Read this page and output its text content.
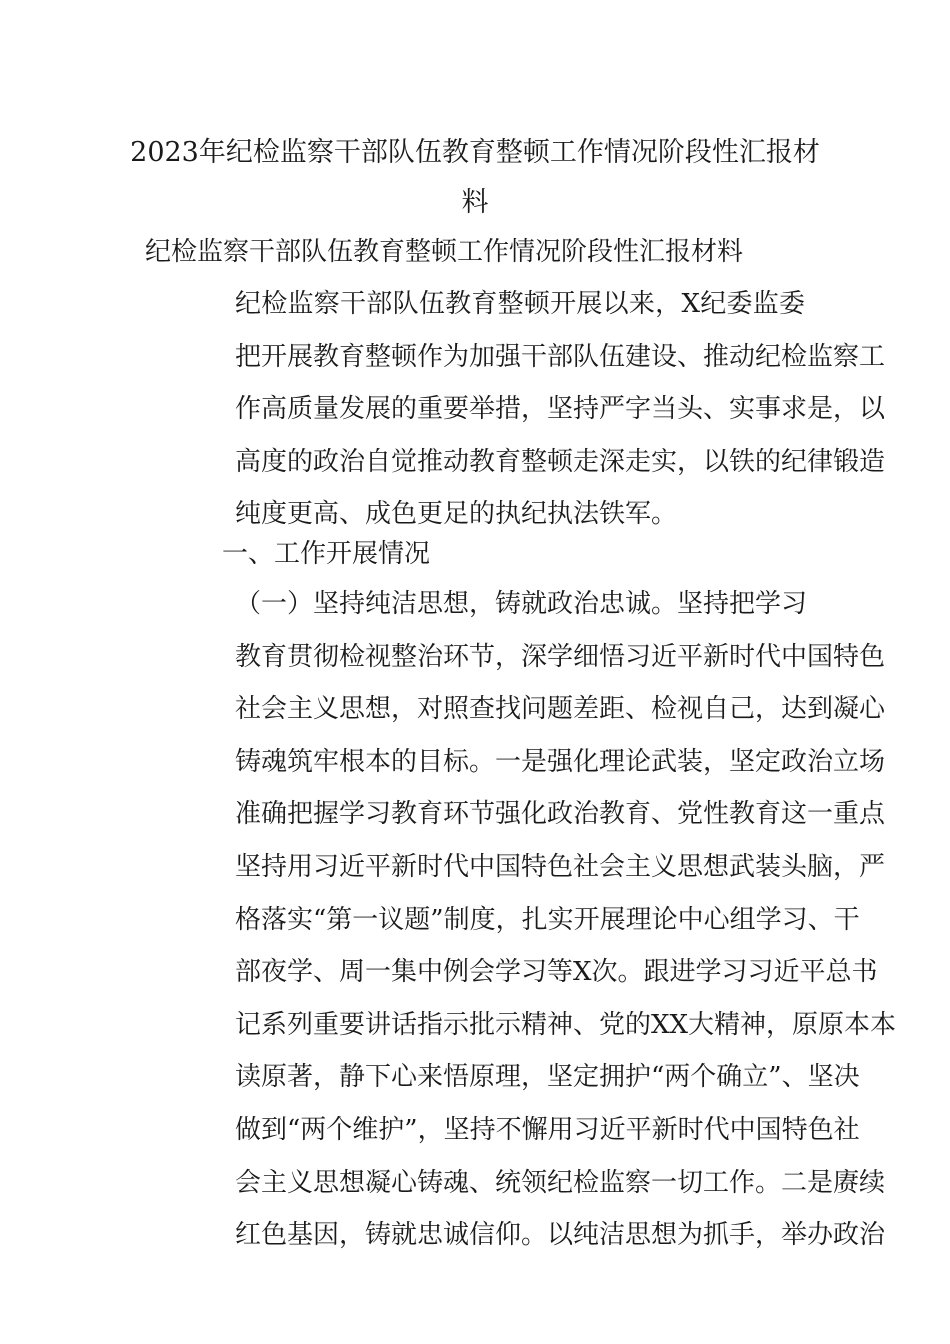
2023年纪检监察干部队伍教育整顿工作情况阶段性汇报材料

纪检监察干部队伍教育整顿工作情况阶段性汇报材料

纪检监察干部队伍教育整顿开展以来，X纪委监委
把开展教育整顿作为加强干部队伍建设、推动纪检监察工
作高质量发展的重要举措，坚持严字当头、实事求是，以
高度的政治自觉推动教育整顿走深走实，以铁的纪律锻造
纯度更高、成色更足的执纪执法铁军。
一、工作开展情况
（一）坚持纯洁思想，铸就政治忠诚。坚持把学习
教育贯彻检视整治环节，深学细悟习近平新时代中国特色
社会主义思想，对照查找问题差距、检视自己，达到凝心
铸魂筑牢根本的目标。一是强化理论武装，坚定政治立场
准确把握学习教育环节强化政治教育、党性教育这一重点
坚持用习近平新时代中国特色社会主义思想武装头脑，严
格落实“第一议题”制度，扎实开展理论中心组学习、干
部夜学、周一集中例会学习等X次。跟进学习习近平总书
记系列重要讲话指示批示精神、党的XX大精神，原原本本
读原著，静下心来悟原理，坚定拥护“两个确立”、坚决
做到“两个维护”，坚持不懈用习近平新时代中国特色社
会主义思想凝心铸魂、统领纪检监察一切工作。二是赓续
红色基因，铸就忠诚信仰。以纯洁思想为抓手，举办政治
